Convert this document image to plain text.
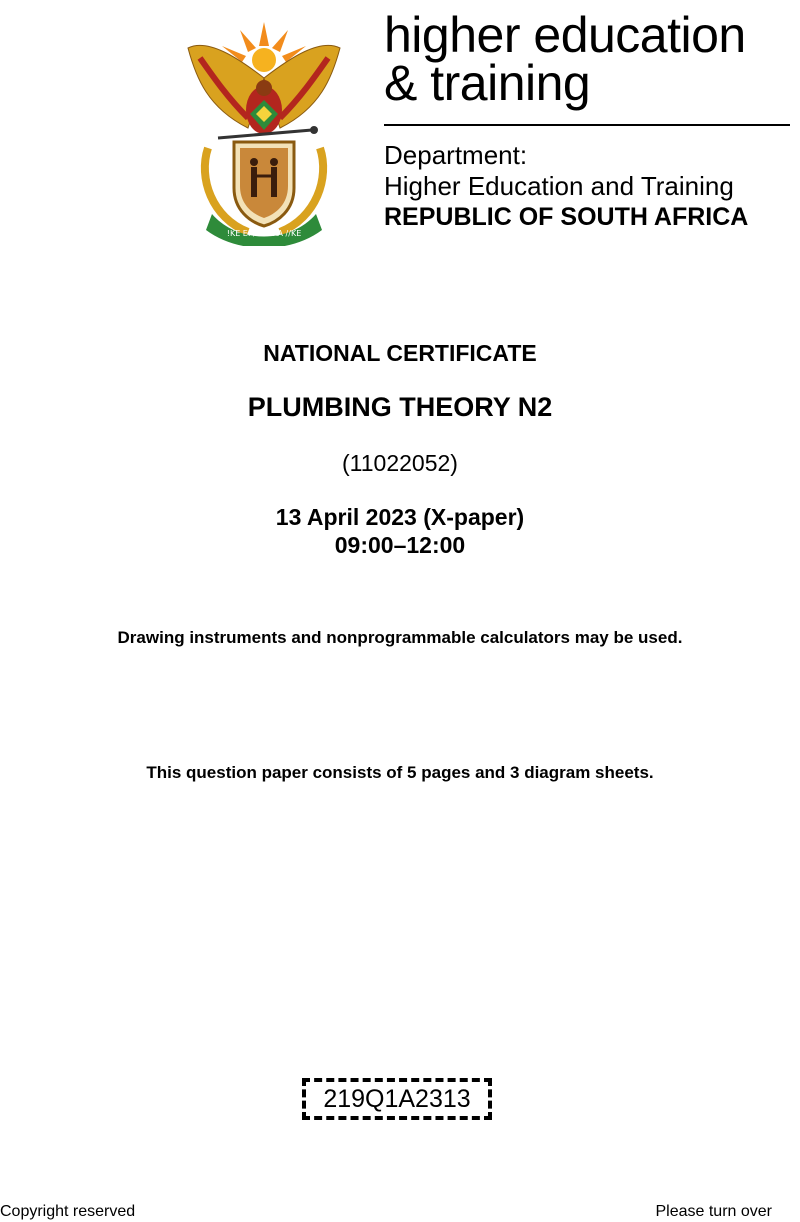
!KE E: /XARRA //KE
higher education
& training
Department:
Higher Education and Training
REPUBLIC OF SOUTH AFRICA
NATIONAL CERTIFICATE
PLUMBING THEORY N2
(11022052)
13 April 2023 (X-paper)
09:00–12:00
Drawing instruments and nonprogrammable calculators may be used.
This question paper consists of 5 pages and 3 diagram sheets.
219Q1A2313
Copyright reserved	Please turn over
